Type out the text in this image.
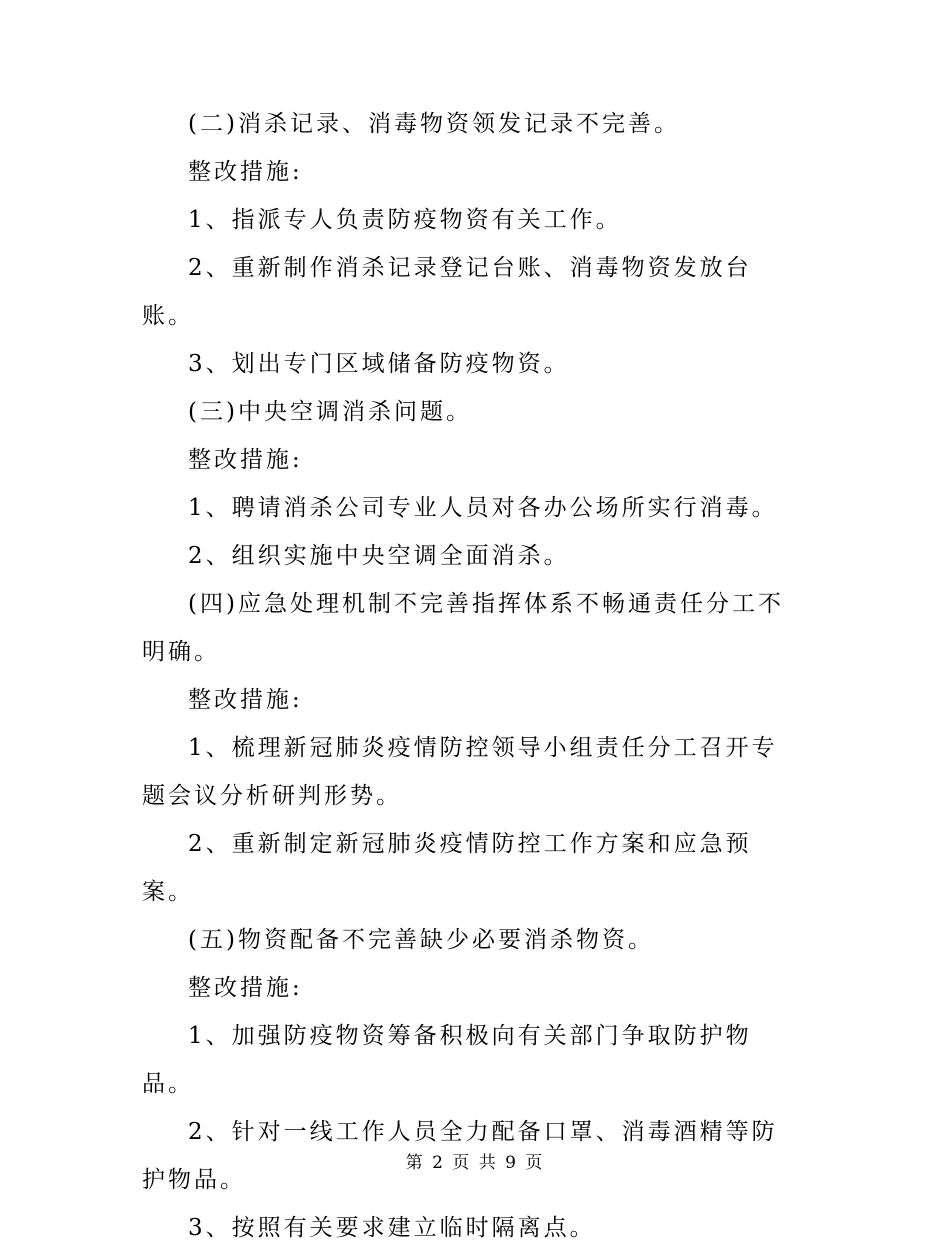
(二)消杀记录、消毒物资领发记录不完善。

整改措施:

1、指派专人负责防疫物资有关工作。

2、重新制作消杀记录登记台账、消毒物资发放台账。

3、划出专门区域储备防疫物资。

(三)中央空调消杀问题。

整改措施:

1、聘请消杀公司专业人员对各办公场所实行消毒。

2、组织实施中央空调全面消杀。

(四)应急处理机制不完善指挥体系不畅通责任分工不明确。

整改措施:

1、梳理新冠肺炎疫情防控领导小组责任分工召开专题会议分析研判形势。

2、重新制定新冠肺炎疫情防控工作方案和应急预案。

(五)物资配备不完善缺少必要消杀物资。

整改措施:

1、加强防疫物资筹备积极向有关部门争取防护物品。

2、针对一线工作人员全力配备口罩、消毒酒精等防护物品。

3、按照有关要求建立临时隔离点。

第 2 页 共 9 页
